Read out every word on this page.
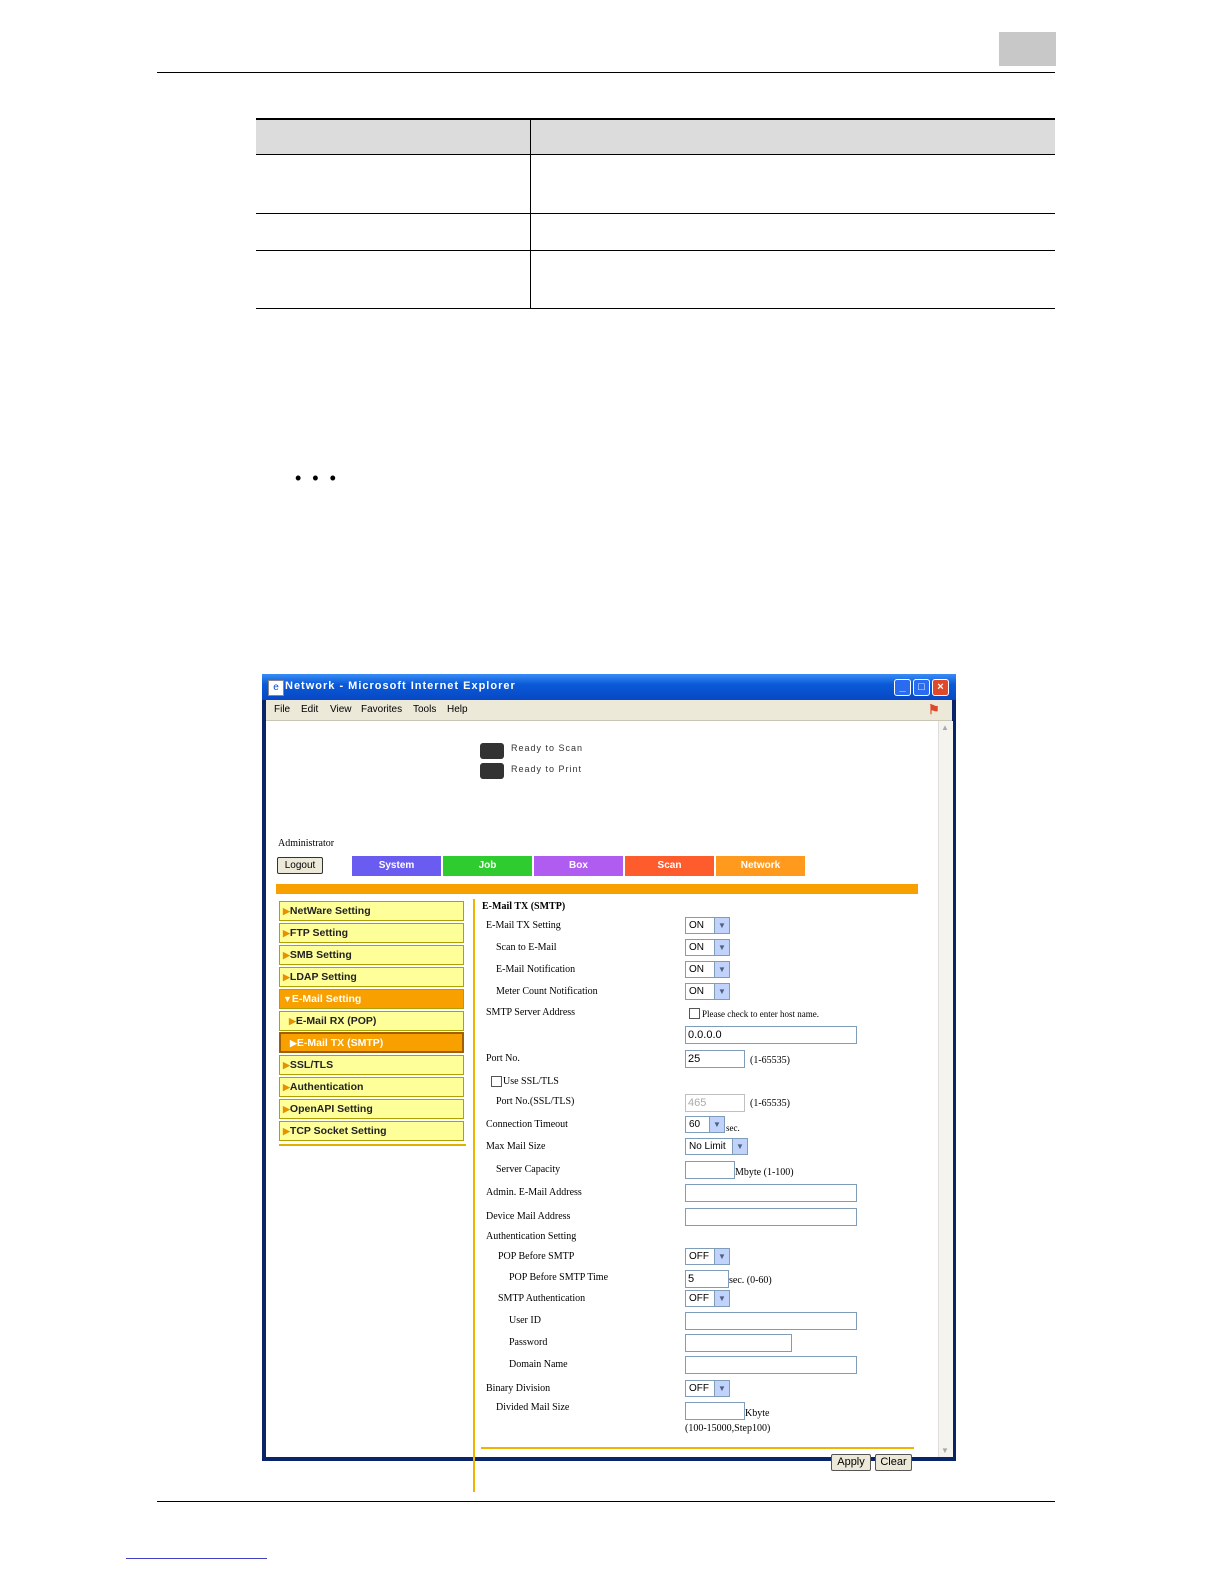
• • •
e Network - Microsoft Internet Explorer	_	□	×
File Edit View Favorites Tools Help	⚑
Ready to Scan
Ready to Print
Administrator
Logout	System	Job	Box	Scan	Network
▶NetWare Setting
▶FTP Setting
▶SMB Setting
▶LDAP Setting
▼E-Mail Setting
▶E-Mail RX (POP)
▶E-Mail TX (SMTP)
▶SSL/TLS
▶Authentication
▶OpenAPI Setting
▶TCP Socket Setting
E-Mail TX (SMTP)
E-Mail TX Setting	ON	▼
Scan to E-Mail	ON	▼
E-Mail Notification	ON	▼
Meter Count Notification	ON	▼
SMTP Server Address	Please check to enter host name.
0.0.0.0
Port No.	25	(1-65535)
Use SSL/TLS
Port No.(SSL/TLS)	465	(1-65535)
Connection Timeout	60	▼ sec.
Max Mail Size	No Limit	▼
Server Capacity	Mbyte (1-100)
Admin. E-Mail Address
Device Mail Address
Authentication Setting
POP Before SMTP	OFF	▼
POP Before SMTP Time	5	sec. (0-60)
SMTP Authentication	OFF	▼
User ID
Password
Domain Name
Binary Division	OFF	▼
Divided Mail Size
Kbyte
(100-15000,Step100)
Apply	Clear
▲
▼
